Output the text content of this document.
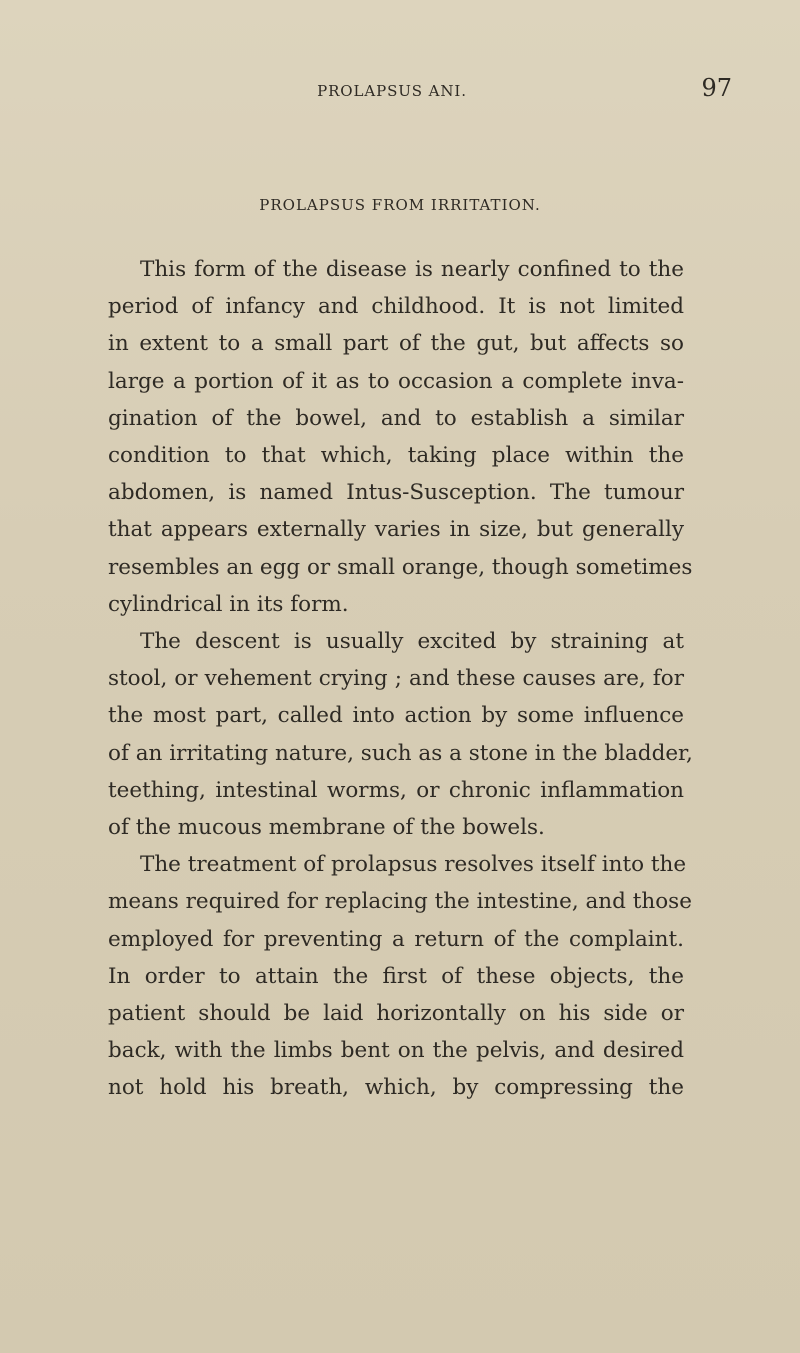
PROLAPSUS ANI.	97
PROLAPSUS FROM IRRITATION.
This form of the disease is nearly confined to the
period of infancy and childhood. It is not limited
in extent to a small part of the gut, but affects so
large a portion of it as to occasion a complete inva-
gination of the bowel, and to establish a similar
condition to that which, taking place within the
abdomen, is named Intus-Susception. The tumour
that appears externally varies in size, but generally
resembles an egg or small orange, though sometimes
cylindrical in its form.
The descent is usually excited by straining at
stool, or vehement crying ; and these causes are, for
the most part, called into action by some influence
of an irritating nature, such as a stone in the bladder,
teething, intestinal worms, or chronic inflammation
of the mucous membrane of the bowels.
The treatment of prolapsus resolves itself into the
means required for replacing the intestine, and those
employed for preventing a return of the complaint.
In order to attain the first of these objects, the
patient should be laid horizontally on his side or
back, with the limbs bent on the pelvis, and desired
not hold his breath, which, by compressing the
